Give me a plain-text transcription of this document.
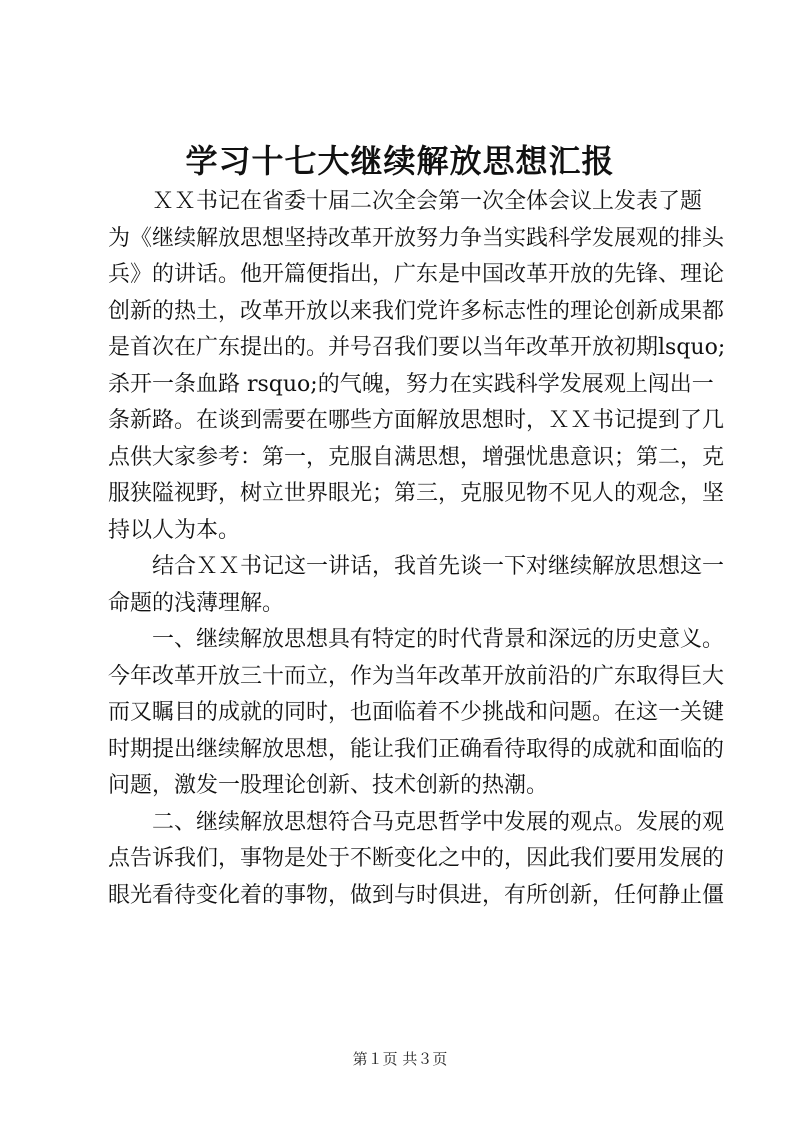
学习十七大继续解放思想汇报
　　ＸＸ书记在省委十届二次全会第一次全体会议上发表了题
为《继续解放思想坚持改革开放努力争当实践科学发展观的排头
兵》的讲话。他开篇便指出，广东是中国改革开放的先锋、理论
创新的热土，改革开放以来我们党许多标志性的理论创新成果都
是首次在广东提出的。并号召我们要以当年改革开放初期lsquo;
杀开一条血路 rsquo;的气魄，努力在实践科学发展观上闯出一
条新路。在谈到需要在哪些方面解放思想时，ＸＸ书记提到了几
点供大家参考：第一，克服自满思想，增强忧患意识；第二，克
服狭隘视野，树立世界眼光；第三，克服见物不见人的观念，坚
持以人为本。
　　结合ＸＸ书记这一讲话，我首先谈一下对继续解放思想这一
命题的浅薄理解。
　　一、继续解放思想具有特定的时代背景和深远的历史意义。
今年改革开放三十而立，作为当年改革开放前沿的广东取得巨大
而又瞩目的成就的同时，也面临着不少挑战和问题。在这一关键
时期提出继续解放思想，能让我们正确看待取得的成就和面临的
问题，激发一股理论创新、技术创新的热潮。
　　二、继续解放思想符合马克思哲学中发展的观点。发展的观
点告诉我们，事物是处于不断变化之中的，因此我们要用发展的
眼光看待变化着的事物，做到与时俱进，有所创新，任何静止僵
第１页 共３页
